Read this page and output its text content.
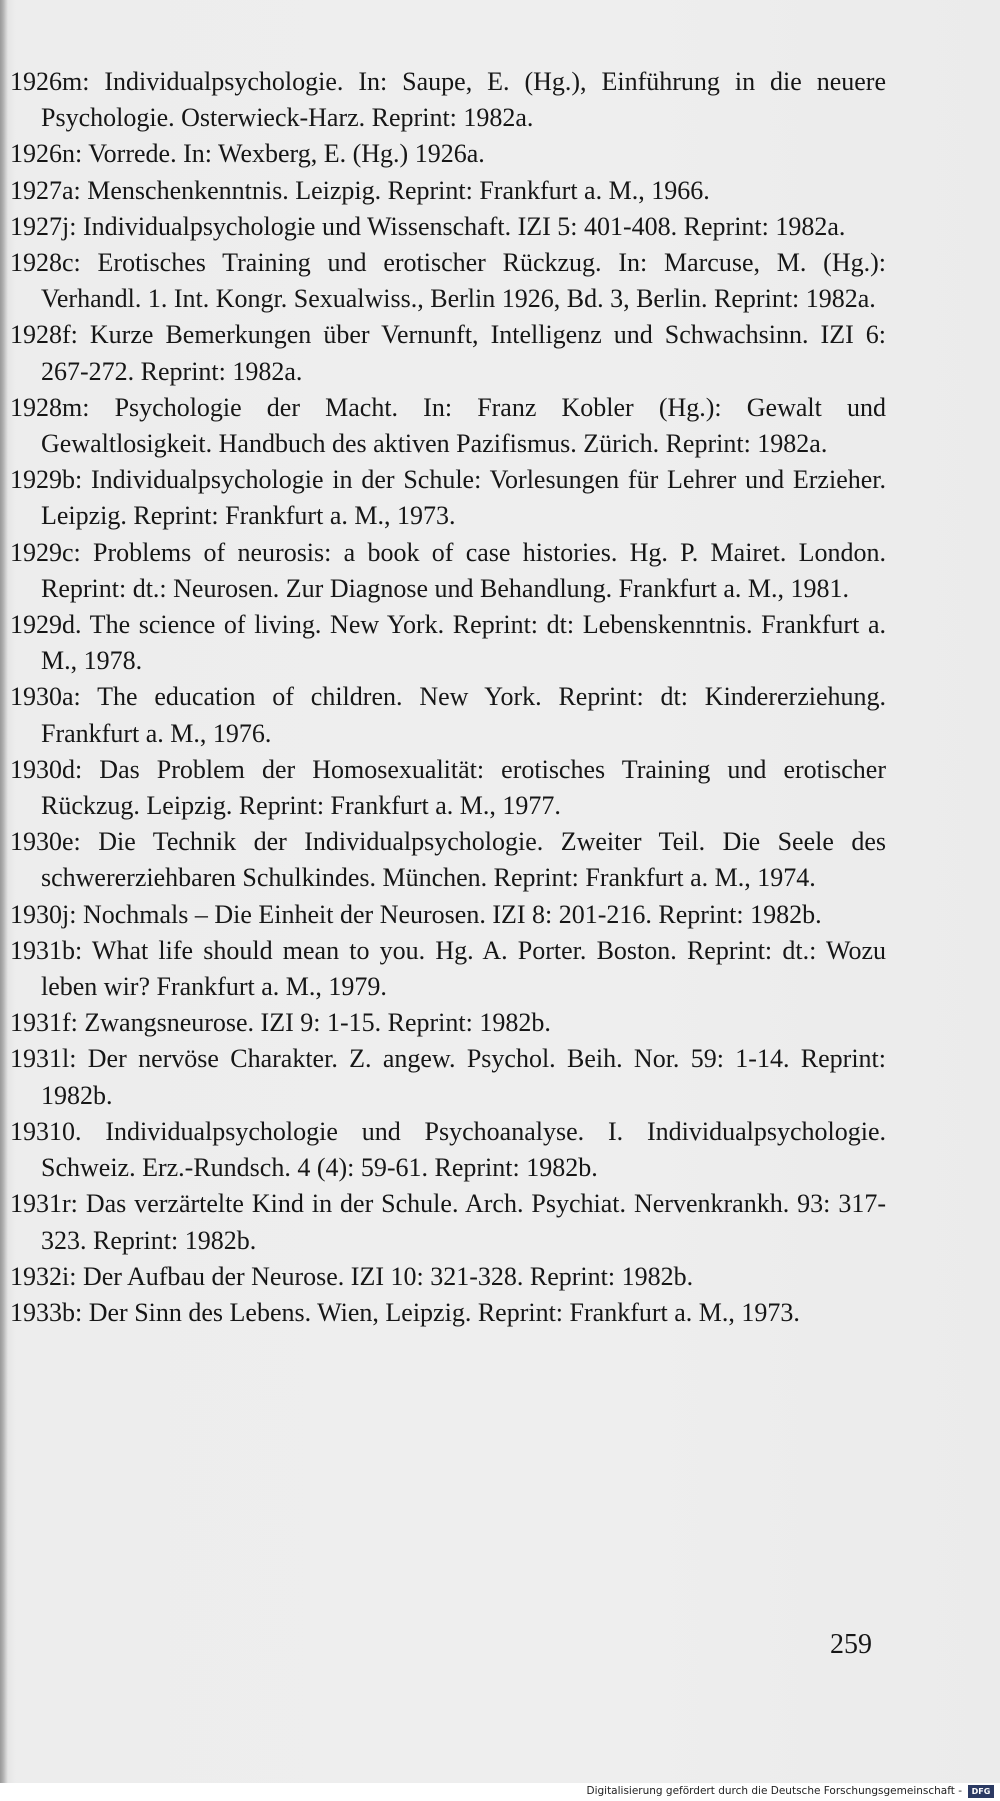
1926m: Individualpsychologie. In: Saupe, E. (Hg.), Einführung in die neuere Psychologie. Osterwieck-Harz. Reprint: 1982a.
1926n: Vorrede. In: Wexberg, E. (Hg.) 1926a.
1927a: Menschenkenntnis. Leizpig. Reprint: Frankfurt a. M., 1966.
1927j: Individualpsychologie und Wissenschaft. IZI 5: 401-408. Reprint: 1982a.
1928c: Erotisches Training und erotischer Rückzug. In: Marcuse, M. (Hg.): Verhandl. 1. Int. Kongr. Sexualwiss., Berlin 1926, Bd. 3, Berlin. Reprint: 1982a.
1928f: Kurze Bemerkungen über Vernunft, Intelligenz und Schwachsinn. IZI 6: 267-272. Reprint: 1982a.
1928m: Psychologie der Macht. In: Franz Kobler (Hg.): Gewalt und Gewaltlosigkeit. Handbuch des aktiven Pazifismus. Zürich. Reprint: 1982a.
1929b: Individualpsychologie in der Schule: Vorlesungen für Lehrer und Erzieher. Leipzig. Reprint: Frankfurt a. M., 1973.
1929c: Problems of neurosis: a book of case histories. Hg. P. Mairet. London. Reprint: dt.: Neurosen. Zur Diagnose und Behandlung. Frankfurt a. M., 1981.
1929d. The science of living. New York. Reprint: dt: Lebenskenntnis. Frankfurt a. M., 1978.
1930a: The education of children. New York. Reprint: dt: Kindererziehung. Frankfurt a. M., 1976.
1930d: Das Problem der Homosexualität: erotisches Training und erotischer Rückzug. Leipzig. Reprint: Frankfurt a. M., 1977.
1930e: Die Technik der Individualpsychologie. Zweiter Teil. Die Seele des schwererziehbaren Schulkindes. München. Reprint: Frankfurt a. M., 1974.
1930j: Nochmals – Die Einheit der Neurosen. IZI 8: 201-216. Reprint: 1982b.
1931b: What life should mean to you. Hg. A. Porter. Boston. Reprint: dt.: Wozu leben wir? Frankfurt a. M., 1979.
1931f: Zwangsneurose. IZI 9: 1-15. Reprint: 1982b.
1931l: Der nervöse Charakter. Z. angew. Psychol. Beih. Nor. 59: 1-14. Reprint: 1982b.
19310. Individualpsychologie und Psychoanalyse. I. Individualpsychologie. Schweiz. Erz.-Rundsch. 4 (4): 59-61. Reprint: 1982b.
1931r: Das verzärtelte Kind in der Schule. Arch. Psychiat. Nervenkrankh. 93: 317-323. Reprint: 1982b.
1932i: Der Aufbau der Neurose. IZI 10: 321-328. Reprint: 1982b.
1933b: Der Sinn des Lebens. Wien, Leipzig. Reprint: Frankfurt a. M., 1973.
259
Digitalisierung gefördert durch die Deutsche Forschungsgemeinschaft -	DFG
